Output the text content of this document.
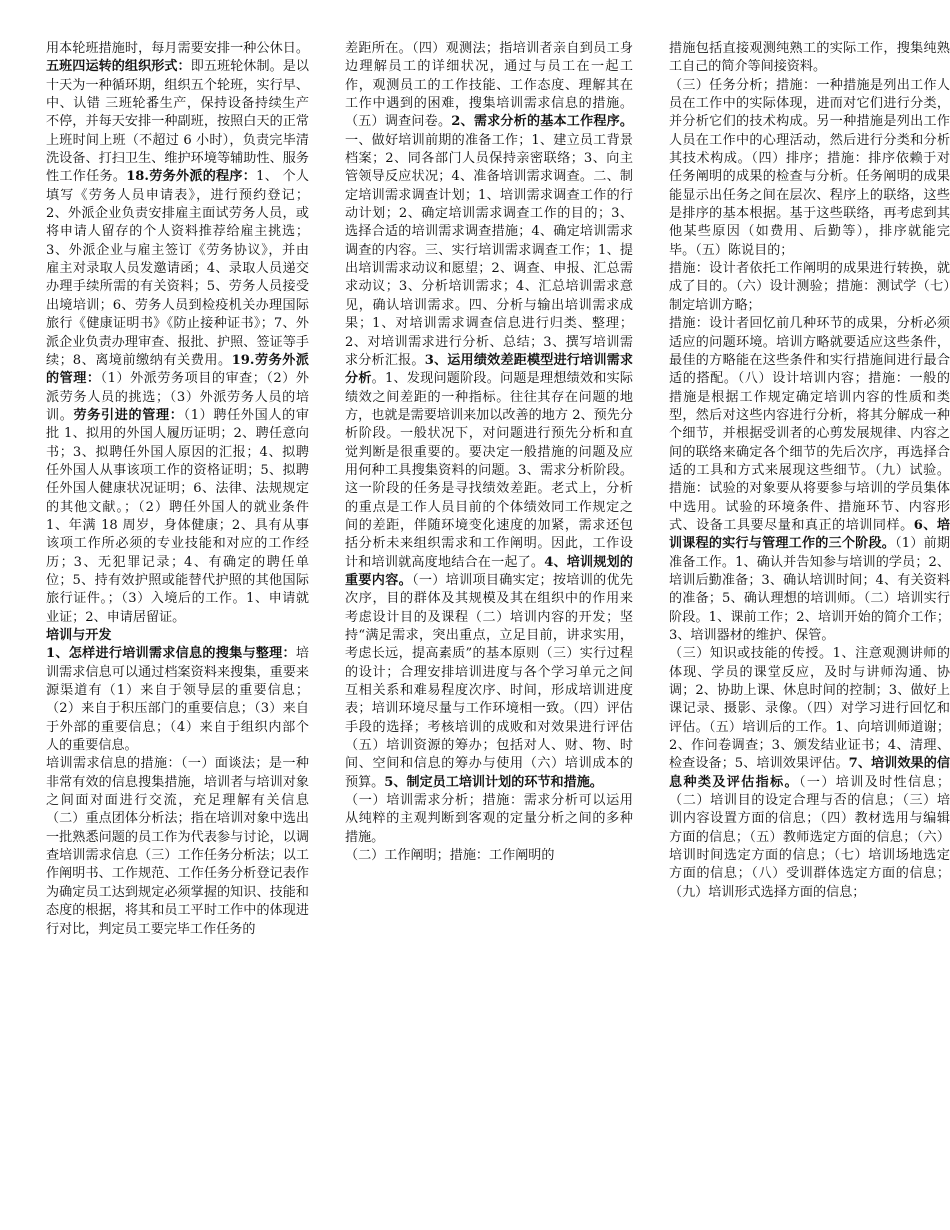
用本轮班措施时，每月需要安排一种公休日。五班四运转的组织形式：即五班轮休制。是以十天为一种循环期，组织五个轮班，实行早、中、认错 三班轮番生产，保持设备持续生产不停，并每天安排一种副班，按照白天的正常上班时间上班（不超过 6 小时），负责完毕清洗设备、打扫卫生、维护环境等辅助性、服务性工作任务。18.劳务外派的程序：1、 个人填写《劳务人员申请表》，进行预约登记；2、外派企业负责安排雇主面试劳务人员，或将申请人留存的个人资料推荐给雇主挑选；3、外派企业与雇主签订《劳务协议》，并由雇主对录取人员发邀请函；4、录取人员递交办理手续所需的有关资料；5、劳务人员接受出境培训；6、劳务人员到检疫机关办理国际旅行《健康证明书》《防止接种证书》；7、外派企业负责办理审查、报批、护照、签证等手续；8、离境前缴纳有关费用。19.劳务外派的管理：（1）外派劳务项目的审查；（2）外派劳务人员的挑选；（3）外派劳务人员的培训。劳务引进的管理：（1）聘任外国人的审批 1、拟用的外国人履历证明；2、聘任意向书；3、拟聘任外国人原因的汇报；4、拟聘任外国人从事该项工作的资格证明；5、拟聘任外国人健康状况证明；6、法律、法规规定的其他文献。；（2）聘任外国人的就业条件 1、年满 18 周岁，身体健康；2、具有从事该项工作所必须的专业技能和对应的工作经历；3、无犯罪记录；4、有确定的聘任单位；5、持有效护照或能替代护照的其他国际旅行证件。；（3）入境后的工作。1、申请就业证；2、申请居留证。
培训与开发
1、怎样进行培训需求信息的搜集与整理：培训需求信息可以通过档案资料来搜集，重要来源渠道有（1）来自于领导层的重要信息；（2）来自于积压部门的重要信息；（3）来自于外部的重要信息；（4）来自于组织内部个人的重要信息。
培训需求信息的措施：（一）面谈法；是一种非常有效的信息搜集措施，培训者与培训对象之间面对面进行交流，充足理解有关信息（二）重点团体分析法；指在培训对象中选出一批熟悉问题的员工作为代表参与讨论，以调查培训需求信息（三）工作任务分析法；以工作阐明书、工作规范、工作任务分析登记表作为确定员工达到规定必须掌握的知识、技能和态度的根据，将其和员工平时工作中的体现进行对比，判定员工要完毕工作任务的

差距所在。（四）观测法；指培训者亲自到员工身边理解员工的详细状况，通过与员工在一起工作，观测员工的工作技能、工作态度、理解其在工作中遇到的困难，搜集培训需求信息的措施。（五）调查问卷。2、需求分析的基本工作程序。一、做好培训前期的准备工作；1、建立员工背景档案；2、同各部门人员保持亲密联络；3、向主管领导反应状况；4、准备培训需求调查。二、制定培训需求调查计划；1、培训需求调查工作的行动计划；2、确定培训需求调查工作的目的；3、选择合适的培训需求调查措施；4、确定培训需求调查的内容。三、实行培训需求调查工作；1、提出培训需求动议和愿望；2、调查、申报、汇总需求动议；3、分析培训需求；4、汇总培训需求意见，确认培训需求。四、分析与输出培训需求成果；1、对培训需求调查信息进行归类、整理；2、对培训需求进行分析、总结；3、撰写培训需求分析汇报。3、运用绩效差距模型进行培训需求分析。1、发现问题阶段。问题是理想绩效和实际绩效之间差距的一种指标。往往其存在问题的地方，也就是需要培训来加以改善的地方 2、预先分析阶段。一般状况下，对问题进行预先分析和直觉判断是很重要的。要决定一般措施的问题及应用何种工具搜集资料的问题。3、需求分析阶段。这一阶段的任务是寻找绩效差距。老式上，分析的重点是工作人员目前的个体绩效同工作规定之间的差距，伴随环境变化速度的加紧，需求还包括分析未来组织需求和工作阐明。因此，工作设计和培训就高度地结合在一起了。4、培训规划的重要内容。（一）培训项目确实定；按培训的优先次序，目的群体及其规模及其在组织中的作用来考虑设计目的及课程（二）培训内容的开发；坚持“满足需求，突出重点，立足目前，讲求实用，考虑长远，提高素质”的基本原则（三）实行过程的设计；合理安排培训进度与各个学习单元之间互相关系和难易程度次序、时间，形成培训进度表；培训环境尽量与工作环境相一致。（四）评估手段的选择；考核培训的成败和对效果进行评估（五）培训资源的筹办；包括对人、财、物、时间、空间和信息的筹办与使用（六）培训成本的预算。5、制定员工培训计划的环节和措施。
（一）培训需求分析；措施：需求分析可以运用从纯粹的主观判断到客观的定量分析之间的多种措施。
（二）工作阐明；措施：工作阐明的

措施包括直接观测纯熟工的实际工作，搜集纯熟工自己的简介等间接资料。
（三）任务分析；措施：一种措施是列出工作人员在工作中的实际体现，进而对它们进行分类，并分析它们的技术构成。另一种措施是列出工作人员在工作中的心理活动，然后进行分类和分析其技术构成。（四）排序；措施：排序依赖于对任务阐明的成果的检查与分析。任务阐明的成果能显示出任务之间在层次、程序上的联络，这些是排序的基本根据。基于这些联络，再考虑到其他某些原因（如费用、后勤等），排序就能完毕。（五）陈说目的；
措施：设计者依托工作阐明的成果进行转换，就成了目的。（六）设计测验；措施：测试学（七）制定培训方略；
措施：设计者回忆前几种环节的成果，分析必须适应的问题环境。培训方略就要适应这些条件，最佳的方略能在这些条件和实行措施间进行最合适的搭配。（八）设计培训内容；措施：一般的措施是根据工作规定确定培训内容的性质和类型，然后对这些内容进行分析，将其分解成一种个细节，并根据受训者的心剪发展规律、内容之间的联络来确定各个细节的先后次序，再选择合适的工具和方式来展现这些细节。（九）试验。措施：试验的对象要从将要参与培训的学员集体中选用。试验的环境条件、措施环节、内容形式、设备工具要尽量和真正的培训同样。6、培训课程的实行与管理工作的三个阶段。（1）前期准备工作。1、确认并告知参与培训的学员；2、培训后勤准备；3、确认培训时间；4、有关资料的准备；5、确认理想的培训师。（二）培训实行阶段。1、课前工作；2、培训开始的简介工作；3、培训器材的维护、保管。
（三）知识或技能的传授。1、注意观测讲师的体现、学员的课堂反应，及时与讲师沟通、协调；2、协助上课、休息时间的控制；3、做好上课记录、摄影、录像。（四）对学习进行回忆和评估。（五）培训后的工作。1、向培训师道谢；2、作问卷调查；3、颁发结业证书；4、清理、检查设备；5、培训效果评估。7、培训效果的信息种类及评估指标。（一）培训及时性信息；（二）培训目的设定合理与否的信息；（三）培训内容设置方面的信息；（四）教材选用与编辑方面的信息；（五）教师选定方面的信息；（六）培训时间选定方面的信息；（七）培训场地选定方面的信息；（八）受训群体选定方面的信息；（九）培训形式选择方面的信息；
